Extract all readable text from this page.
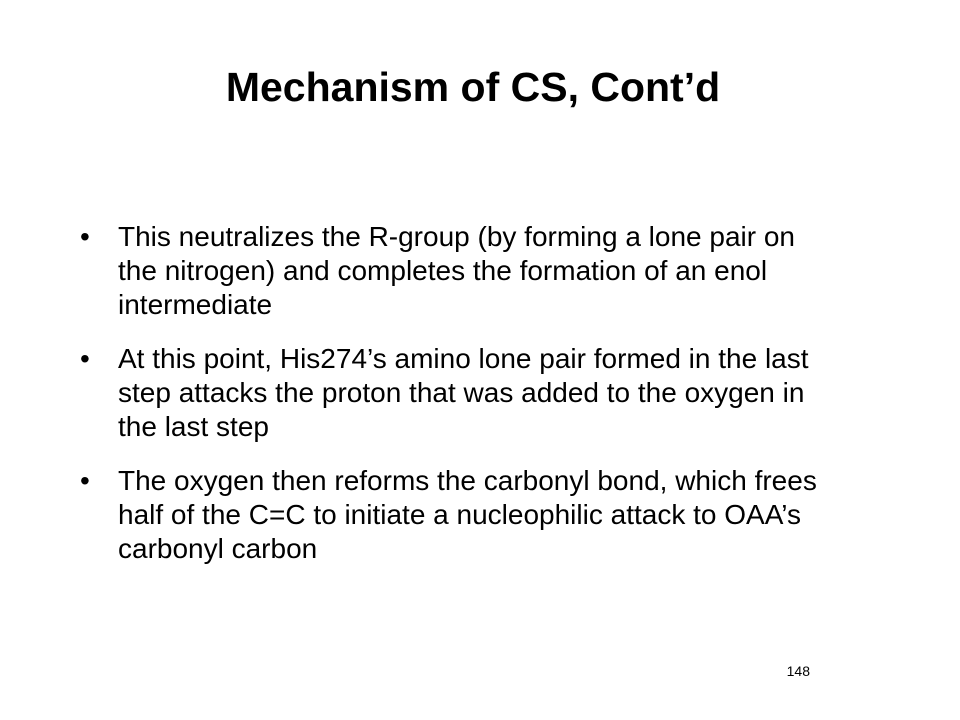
Mechanism of CS, Cont’d
•	This neutralizes the R-group (by forming a lone pair on the nitrogen) and completes the formation of an enol intermediate
•	At this point, His274’s amino lone pair formed in the last step attacks the proton that was added to the oxygen in the last step
•	The oxygen then reforms the carbonyl bond, which frees half of the C=C to initiate a nucleophilic attack to OAA’s carbonyl carbon
148
